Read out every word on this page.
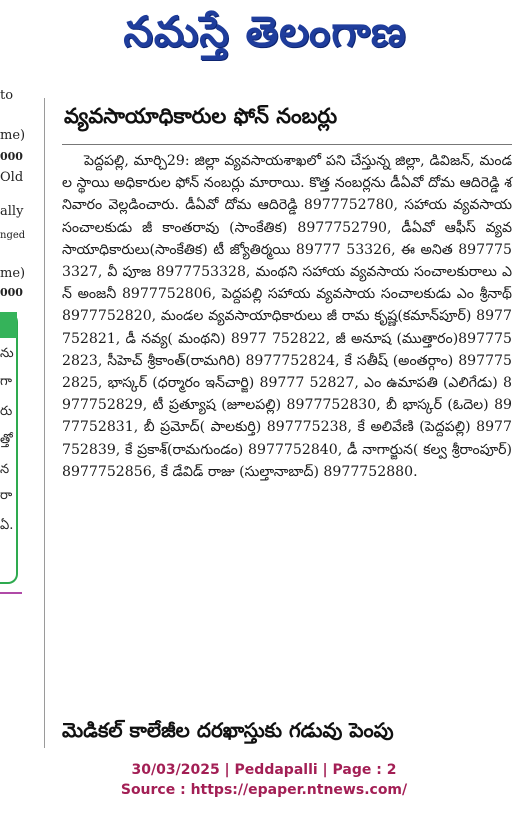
నమస్తే తెలంగాణ
to
me)
000
Old
ally
nged
me)
000
ను
గా
రు
త్తో
న
రా
ఏ.
వ్యవసాయాధికారుల ఫోన్ నంబర్లు

పెద్దపల్లి, మార్చి29: జిల్లా వ్యవసాయశాఖలో పని చేస్తున్న జిల్లా, డివిజన్, మండల స్థాయి అధికారుల ఫోన్ నంబర్లు మారాయి. కొత్త నంబర్లను డీఏవో దోమ ఆదిరెడ్డి శనివారం వెల్లడించారు. డీఏవో దోమ ఆదిరెడ్డి 8977752780, సహాయ వ్యవసాయ సంచాలకుడు జీ కాంతరావు (సాంకేతిక) 8977752790, డీఏవో ఆఫీస్ వ్యవసాయాధికారులు(సాంకేతిక) టీ జ్యోతిర్మయి 89777 53326, ఈ అనిత 8977753327, వీ పూజ 8977753328, మంథని సహాయ వ్యవసాయ సంచాలకురాలు ఎన్ అంజనీ 8977752806, పెద్దపల్లి సహాయ వ్యవసాయ సంచాలకుడు ఎం శ్రీనాథ్ 8977752820, మండల వ్యవసాయాధికారులు జీ రామ కృష్ణ(కమాన్‌పూర్) 8977752821, డీ నవ్య( మంథని) 8977 752822, జీ అనూష (ముత్తారం)8977752823, సీహెచ్ శ్రీకాంత్(రామగిరి) 8977752824, కే సతీష్ (అంతర్గాం) 8977752825, భాస్కర్ (ధర్మారం ఇన్‌చార్జి) 89777 52827, ఎం ఉమాపతి (ఎలిగేడు) 8977752829, టీ ప్రత్యూష (జూలపల్లి) 8977752830, బీ భాస్కర్ (ఓదెల) 8977752831, బీ ప్రమోద్( పాలకుర్తి) 897775238, కే అలివేణి (పెద్దపల్లి) 8977752839, కే ప్రకాశ్(రామగుండం) 8977752840, డీ నాగార్జున( కల్వ శ్రీరాంపూర్) 8977752856, కే డేవిడ్ రాజు (సుల్తానాబాద్) 8977752880.

మెడికల్ కాలేజీల దరఖాస్తుకు గడువు పెంపు
30/03/2025 | Peddapalli | Page : 2
Source : https://epaper.ntnews.com/
